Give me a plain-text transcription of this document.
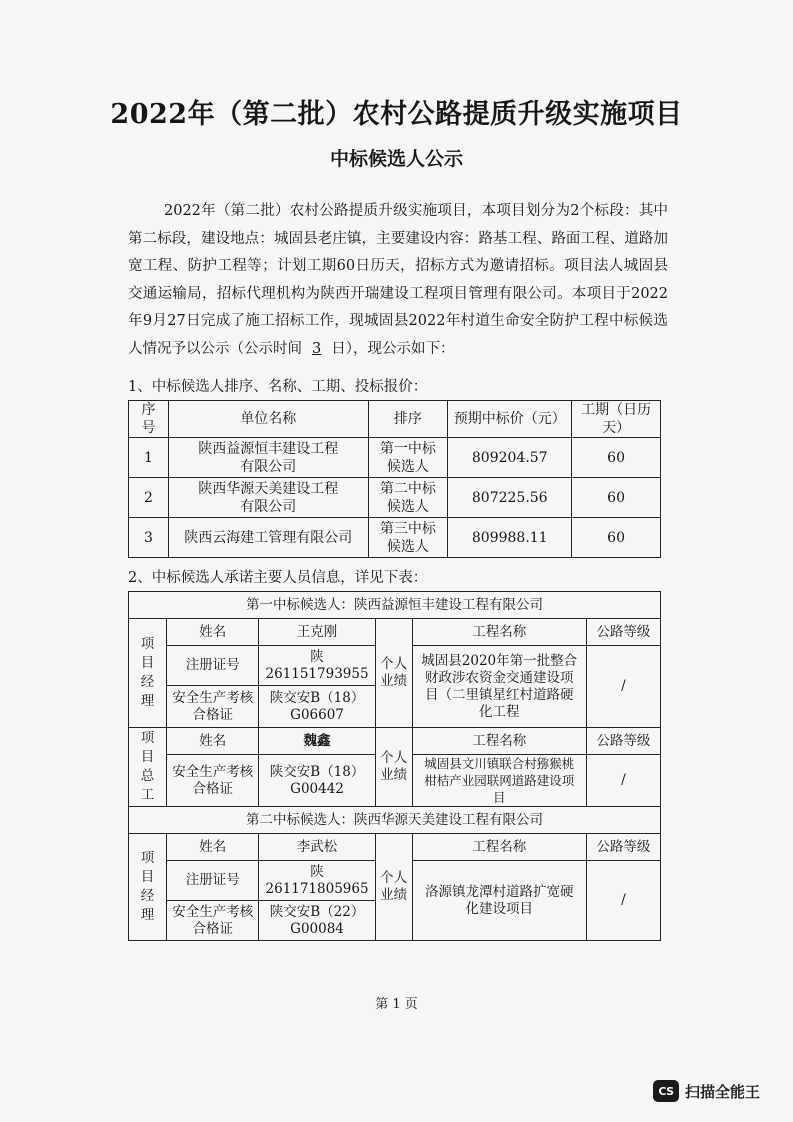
2022年（第二批）农村公路提质升级实施项目
中标候选人公示
2022年（第二批）农村公路提质升级实施项目，本项目划分为2个标段：其中第二标段，建设地点：城固县老庄镇，主要建设内容：路基工程、路面工程、道路加宽工程、防护工程等；计划工期60日历天，招标方式为邀请招标。项目法人城固县交通运输局，招标代理机构为陕西开瑞建设工程项目管理有限公司。本项目于2022年9月27日完成了施工招标工作，现城固县2022年村道生命安全防护工程中标候选人情况予以公示（公示时间 3 日），现公示如下：
1、中标候选人排序、名称、工期、投标报价：
序号	单位名称	排序	预期中标价（元）	工期（日历天）
1	陕西益源恒丰建设工程有限公司	第一中标候选人	809204.57	60
2	陕西华源天美建设工程有限公司	第二中标候选人	807225.56	60
3	陕西云海建工管理有限公司	第三中标候选人	809988.11	60
2、中标候选人承诺主要人员信息，详见下表：
第一中标候选人：陕西益源恒丰建设工程有限公司					
项目经理	姓名	王克刚	个人业绩	工程名称	公路等级
	注册证号	陕261151793955		城固县2020年第一批整合财政涉农资金交通建设项目（二里镇星红村道路硬化工程	/
	安全生产考核合格证	陕交安B（18）G06607			
项目总工	姓名	魏鑫	个人业绩	工程名称	公路等级
	安全生产考核合格证	陕交安B（18）G00442		城固县文川镇联合村猕猴桃柑桔产业园联网道路建设项目	/
第二中标候选人：陕西华源天美建设工程有限公司					
项目经理	姓名	李武松	个人业绩	工程名称	公路等级
	注册证号	陕261171805965		洛源镇龙潭村道路扩宽硬化建设项目	/
	安全生产考核合格证	陕交安B（22）G00084			
第 1 页
CS 扫描全能王
